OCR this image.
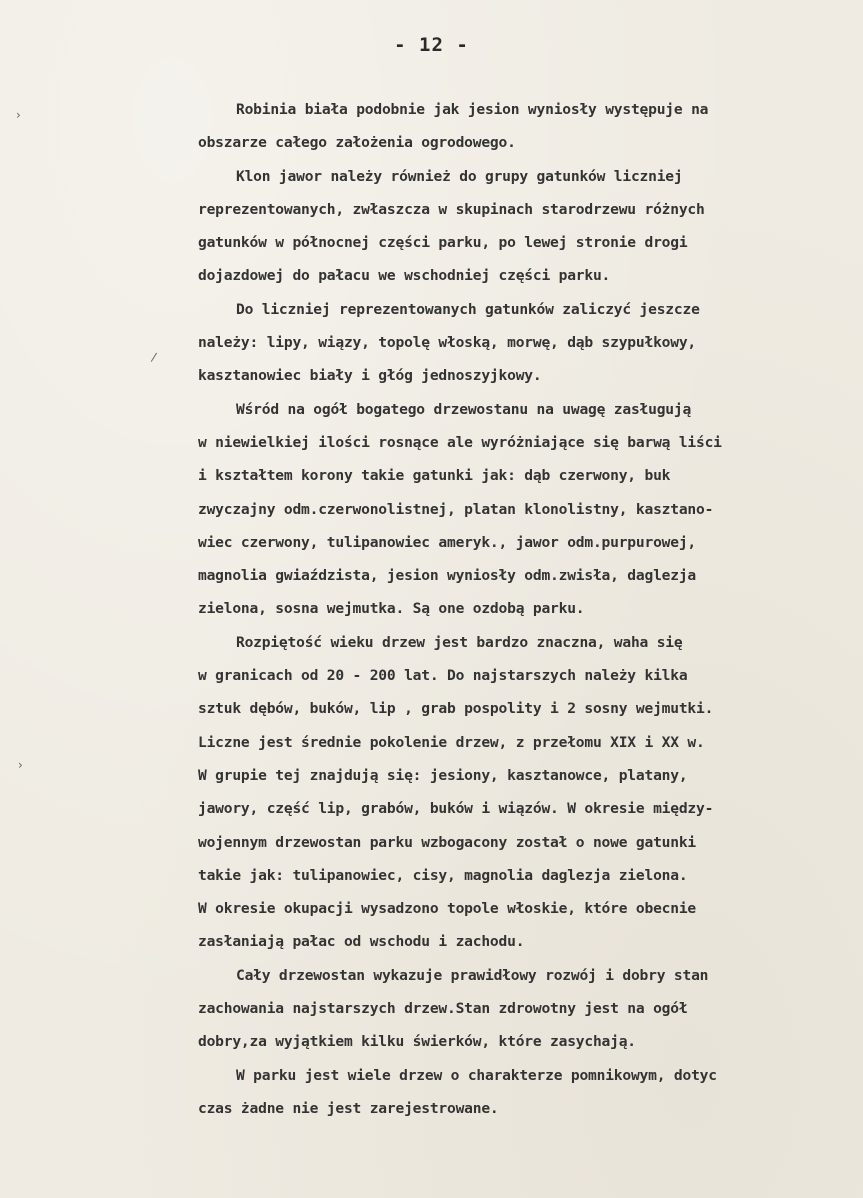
- 12 -
›
/
›
Robinia biała podobnie jak jesion wyniosły występuje na
obszarze całego założenia ogrodowego.
Klon jawor należy również do grupy gatunków liczniej
reprezentowanych, zwłaszcza w skupinach starodrzewu różnych
gatunków w północnej części parku, po lewej stronie drogi
dojazdowej do pałacu we wschodniej części parku.
Do liczniej reprezentowanych gatunków zaliczyć jeszcze
należy: lipy, wiązy, topolę włoską, morwę, dąb szypułkowy,
kasztanowiec biały i głóg jednoszyjkowy.
Wśród na ogół bogatego drzewostanu na uwagę zasługują
w niewielkiej ilości rosnące ale wyróżniające się barwą liści
i kształtem korony takie gatunki jak: dąb czerwony, buk
zwyczajny odm.czerwonolistnej, platan klonolistny, kasztano-
wiec czerwony, tulipanowiec ameryk., jawor odm.purpurowej,
magnolia gwiaździsta, jesion wyniosły odm.zwisła, daglezja
zielona, sosna wejmutka. Są one ozdobą parku.
Rozpiętość wieku drzew jest bardzo znaczna, waha się
w granicach od 20 - 200 lat. Do najstarszych należy kilka
sztuk dębów, buków, lip , grab pospolity i 2 sosny wejmutki.
Liczne jest średnie pokolenie drzew, z przełomu XIX i XX w.
W grupie tej znajdują się: jesiony, kasztanowce, platany,
jawory, część lip, grabów, buków i wiązów. W okresie między-
wojennym drzewostan parku wzbogacony został o nowe gatunki
takie jak: tulipanowiec, cisy, magnolia daglezja zielona.
W okresie okupacji wysadzono topole włoskie, które obecnie
zasłaniają pałac od wschodu i zachodu.
Cały drzewostan wykazuje prawidłowy rozwój i dobry stan
zachowania najstarszych drzew.Stan zdrowotny jest na ogół
dobry,za wyjątkiem kilku świerków, które zasychają.
W parku jest wiele drzew o charakterze pomnikowym, dotyc
czas żadne nie jest zarejestrowane.
